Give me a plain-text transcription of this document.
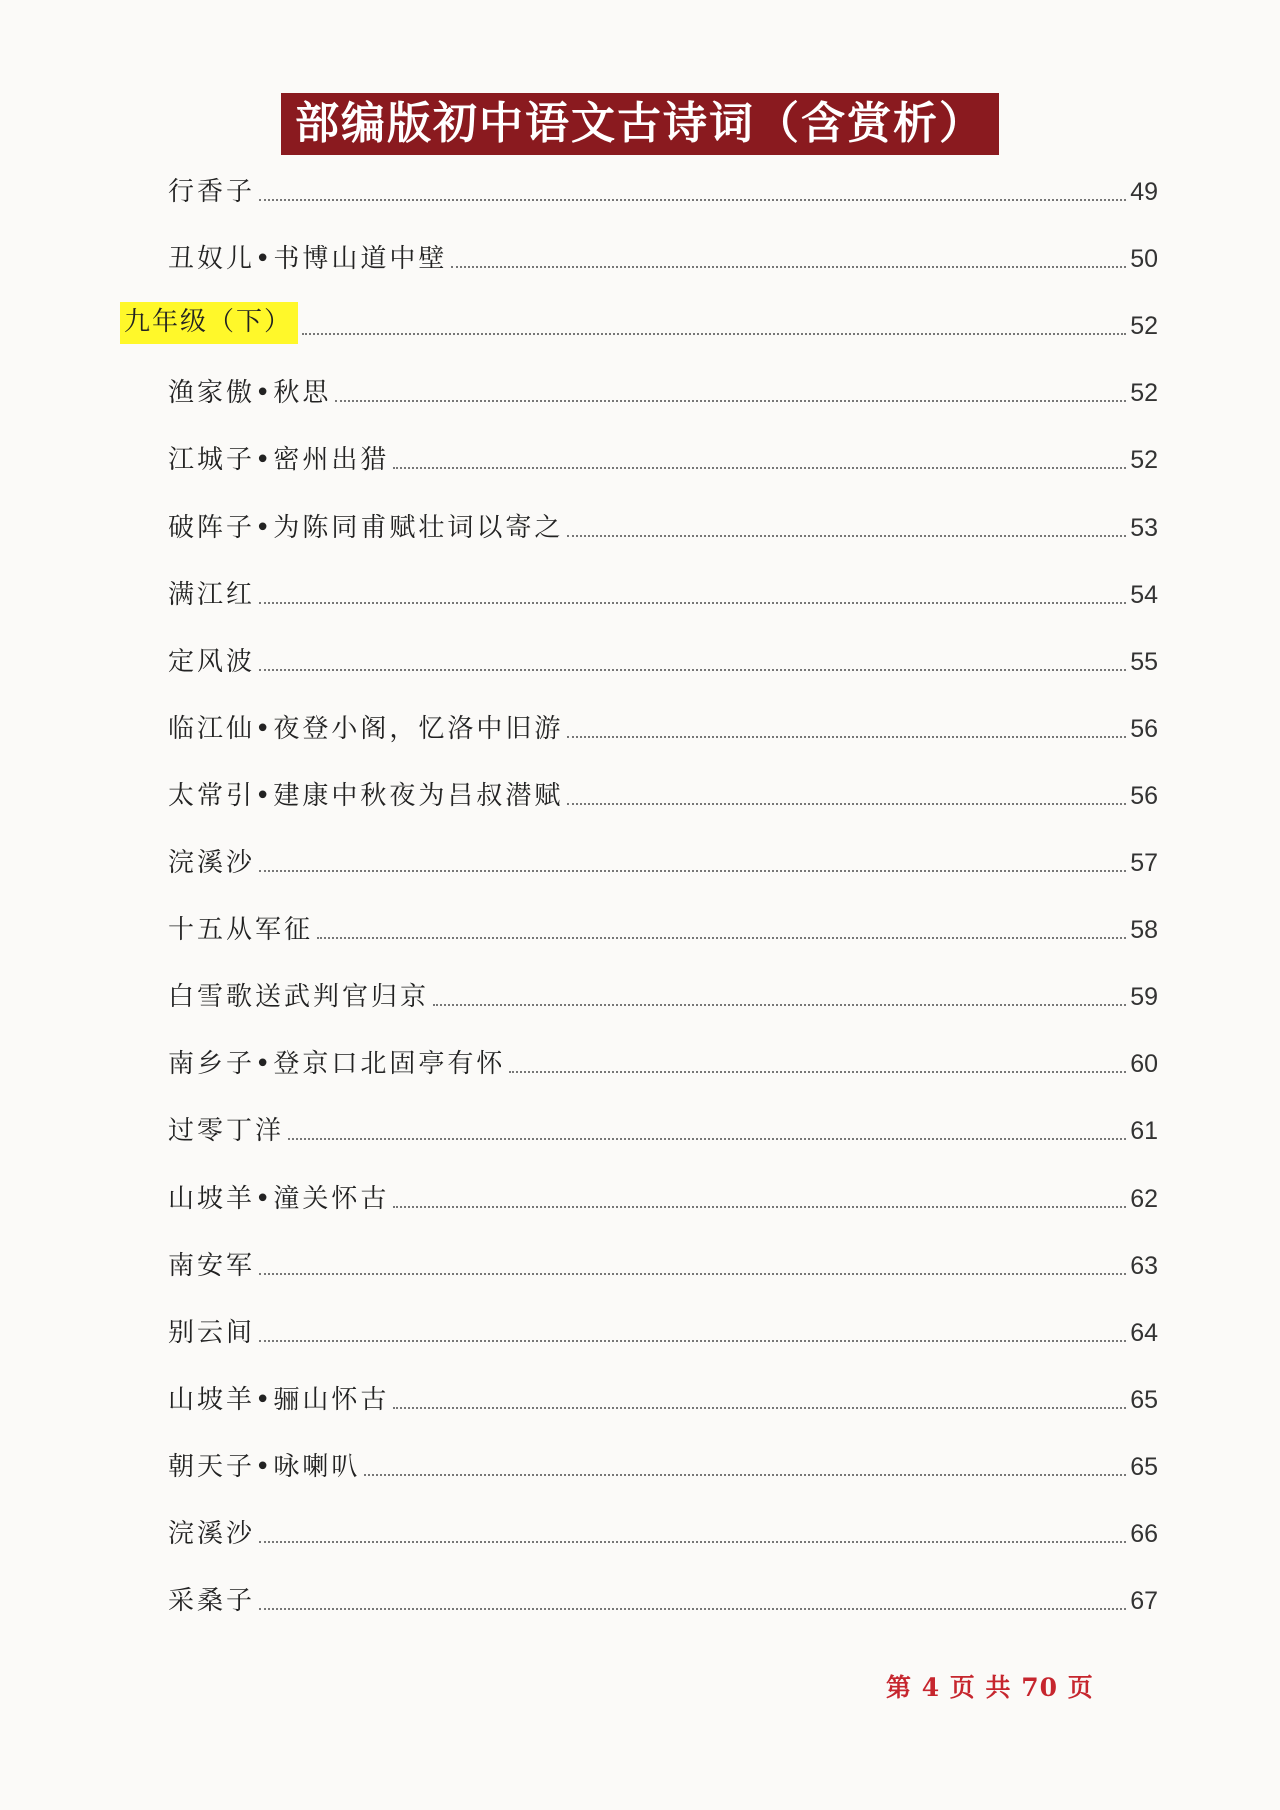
部编版初中语文古诗词（含赏析）
行香子	49
丑奴儿•书博山道中壁	50
九年级（下）	52
渔家傲•秋思	52
江城子•密州出猎	52
破阵子•为陈同甫赋壮词以寄之	53
满江红	54
定风波	55
临江仙•夜登小阁，忆洛中旧游	56
太常引•建康中秋夜为吕叔潜赋	56
浣溪沙	57
十五从军征	58
白雪歌送武判官归京	59
南乡子•登京口北固亭有怀	60
过零丁洋	61
山坡羊•潼关怀古	62
南安军	63
别云间	64
山坡羊•骊山怀古	65
朝天子•咏喇叭	65
浣溪沙	66
采桑子	67
第 4 页 共 70 页
